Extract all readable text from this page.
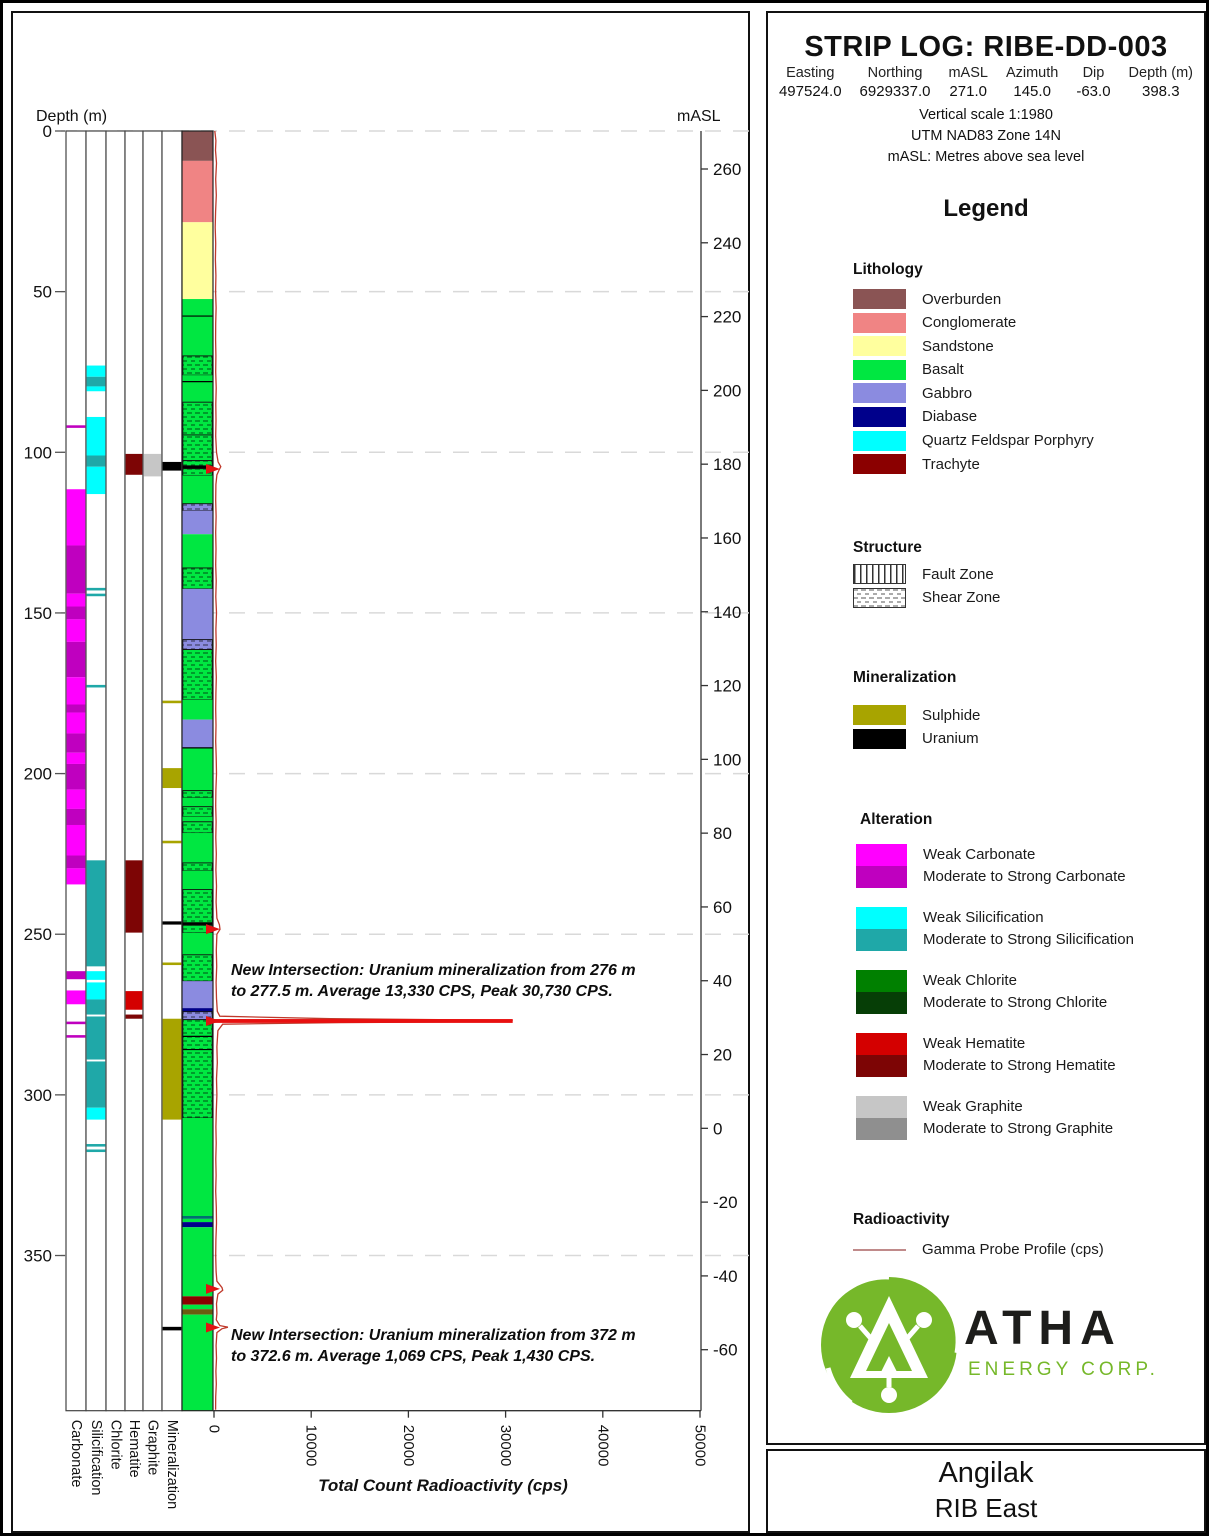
Depth (m)	mASL
0
50
100
150
200
250
300
350
260
240
220
200
180
160
140
120
100
80
60
40
20
0
-20
-40
-60
0	10000	20000	30000	40000	50000
Carbonate Silicification Chlorite Hematite Graphite Mineralization
New Intersection: Uranium mineralization from 276 m
to 277.5 m. Average 13,330 CPS, Peak 30,730 CPS.
New Intersection: Uranium mineralization from 372 m
to 372.6 m. Average 1,069 CPS, Peak 1,430 CPS.
Total Count Radioactivity (cps)
STRIP LOG: RIBE-DD-003
Easting
497524.0
Northing
6929337.0
mASL
271.0
Azimuth
145.0
Dip
-63.0
Depth (m)
398.3
Vertical scale 1:1980
UTM NAD83 Zone 14N
mASL: Metres above sea level
Legend
Lithology
Overburden
Conglomerate
Sandstone
Basalt
Gabbro
Diabase
Quartz Feldspar Porphyry
Trachyte
Structure
Fault Zone
Shear Zone
Mineralization
Sulphide
Uranium
Alteration
Weak Carbonate
Moderate to Strong Carbonate
Weak Silicification
Moderate to Strong Silicification
Weak Chlorite
Moderate to Strong Chlorite
Weak Hematite
Moderate to Strong Hematite
Weak Graphite
Moderate to Strong Graphite
Radioactivity
Gamma Probe Profile (cps)
ATHA
ENERGY CORP.
Angilak
RIB East
